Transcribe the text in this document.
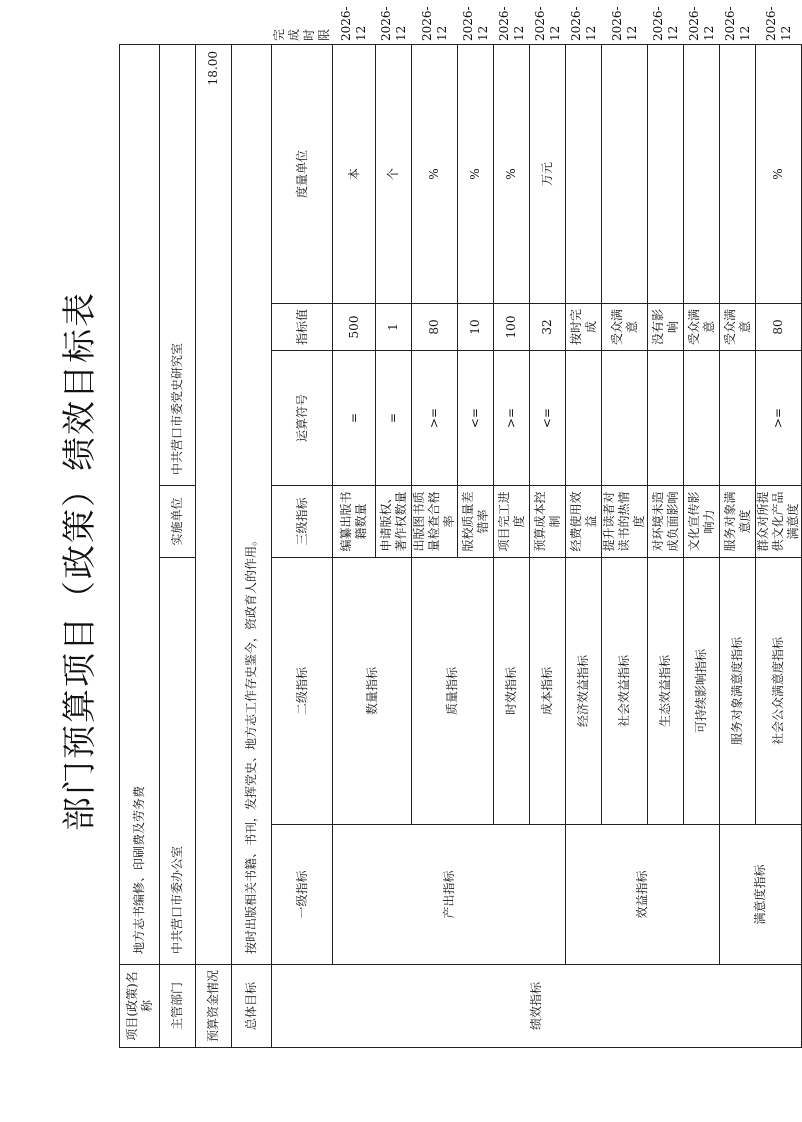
部门预算项目（政策）绩效目标表
项目(政策)名称	地方志书编修、印刷费及劳务费						
主管部门	中共营口市委办公室		实施单位	中共营口市委党史研究室			
预算资金情况	18.00						
总体目标	按时出版相关书籍、书刊，发挥党史、地方志工作存史鉴今，资政育人的作用。						
绩效指标	一级指标	二级指标	三级指标	运算符号	指标值	度量单位	完成时限
	产出指标	数量指标	编纂出版书籍数量	=	500	本	2026-12
			申请版权、著作权数量	=	1	个	2026-12
		质量指标	出版图书质量检查合格率	>=	80	%	2026-12
			版校质量差错率	<=	10	%	2026-12
		时效指标	项目完工进度	>=	100	%	2026-12
		成本指标	预算成本控制	<=	32	万元	2026-12
	效益指标	经济效益指标	经费使用效益		按时完成		2026-12
		社会效益指标	提升读者对读书的热情度		受众满意		2026-12
		生态效益指标	对环境未造成负面影响		没有影响		2026-12
		可持续影响指标	文化宣传影响力		受众满意		2026-12
	满意度指标	服务对象满意度指标	服务对象满意度		受众满意		2026-12
		社会公众满意度指标	群众对所提供文化产品满意度	>=	80	%	2026-12
